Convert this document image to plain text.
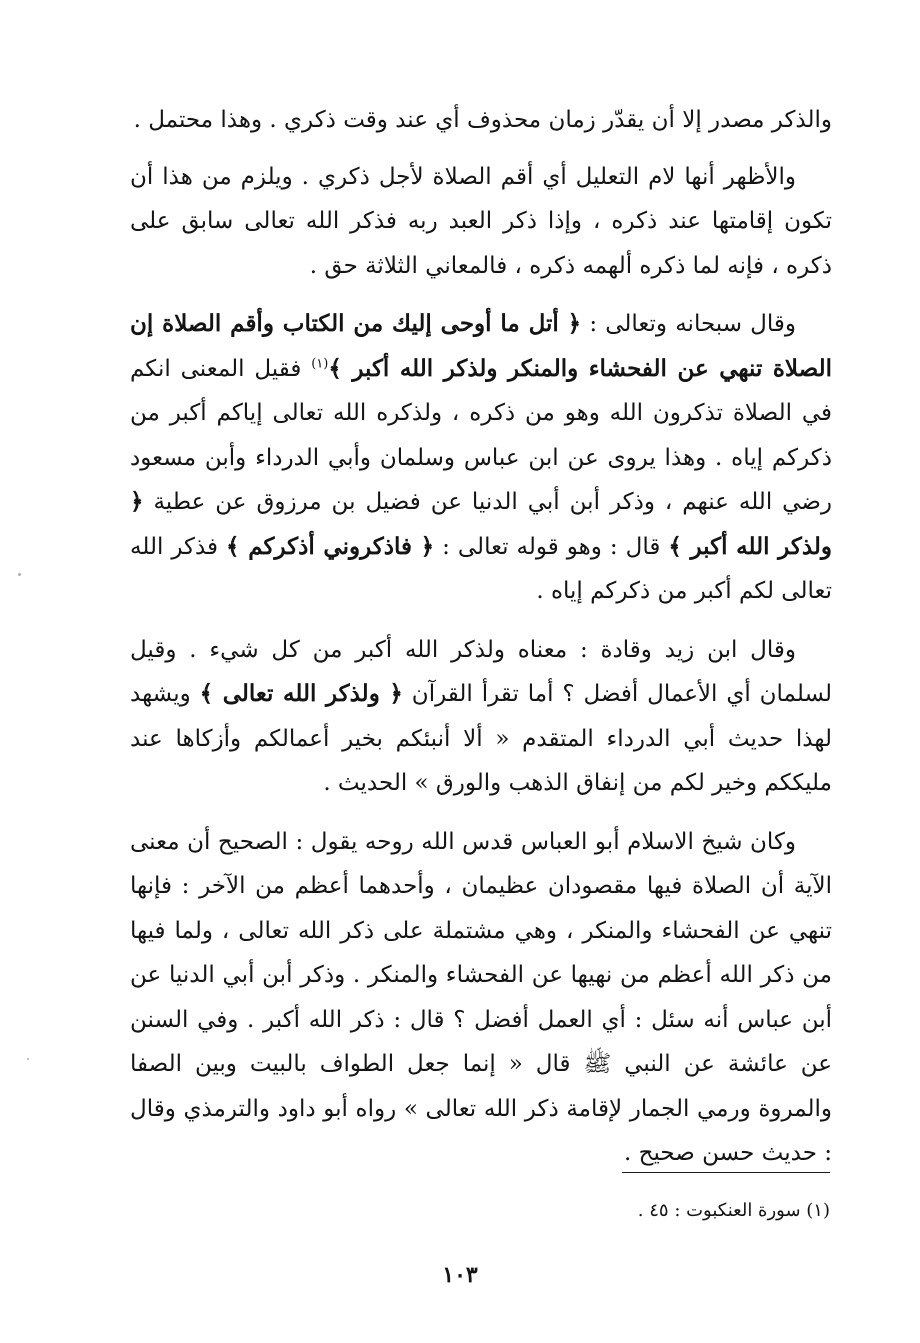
والذكر مصدر إلا أن يقدّر زمان محذوف أي عند وقت ذكري . وهذا محتمل .

والأظهر أنها لام التعليل أي أقم الصلاة لأجل ذكري . ويلزم من هذا أن تكون إقامتها عند ذكره ، وإذا ذكر العبد ربه فذكر الله تعالى سابق على ذكره ، فإنه لما ذكره ألهمه ذكره ، فالمعاني الثلاثة حق .

وقال سبحانه وتعالى : ﴿ أتل ما أوحى إليك من الكتاب وأقم الصلاة إن الصلاة تنهي عن الفحشاء والمنكر ولذكر الله أكبر ﴾$^{(١)}$ فقيل المعنى انكم في الصلاة تذكرون الله وهو من ذكره ، ولذكره الله تعالى إياكم أكبر من ذكركم إياه . وهذا يروى عن ابن عباس وسلمان وأبي الدرداء وأبن مسعود رضي الله عنهم ، وذكر أبن أبي الدنيا عن فضيل بن مرزوق عن عطية ﴿ ولذكر الله أكبر ﴾ قال : وهو قوله تعالى : ﴿ فاذكروني أذكركم ﴾ فذكر الله تعالى لكم أكبر من ذكركم إياه .

وقال ابن زيد وقادة : معناه ولذكر الله أكبر من كل شيء . وقيل لسلمان أي الأعمال أفضل ؟ أما تقرأ القرآن ﴿ ولذكر الله تعالى ﴾ ويشهد لهذا حديث أبي الدرداء المتقدم « ألا أنبئكم بخير أعمالكم وأزكاها عند مليككم وخير لكم من إنفاق الذهب والورق » الحديث .

وكان شيخ الاسلام أبو العباس قدس الله روحه يقول : الصحيح أن معنى الآية أن الصلاة فيها مقصودان عظيمان ، وأحدهما أعظم من الآخر : فإنها تنهي عن الفحشاء والمنكر ، وهي مشتملة على ذكر الله تعالى ، ولما فيها من ذكر الله أعظم من نهيها عن الفحشاء والمنكر . وذكر أبن أبي الدنيا عن أبن عباس أنه سئل : أي العمل أفضل ؟ قال : ذكر الله أكبر . وفي السنن عن عائشة عن النبي ﷺ قال « إنما جعل الطواف بالبيت وبين الصفا والمروة ورمي الجمار لإقامة ذكر الله تعالى » رواه أبو داود والترمذي وقال : حديث حسن صحيح .

(١) سورة العنكبوت : ٤٥ .
١٠٣
